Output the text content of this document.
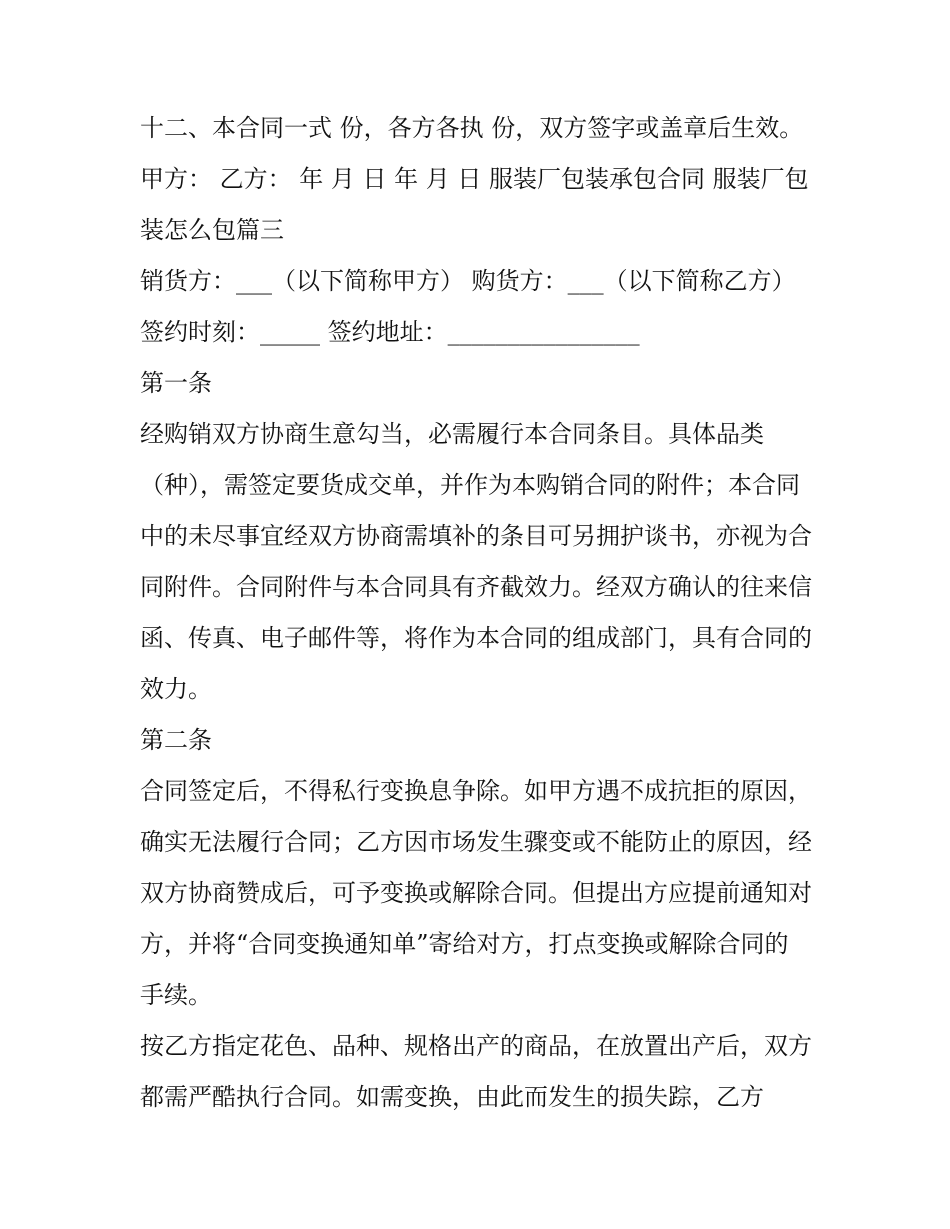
十二、本合同一式 份，各方各执 份，双方签字或盖章后生效。 甲方： 乙方： 年 月 日 年 月 日 服装厂包装承包合同 服装厂包装怎么包篇三

销货方：___（以下简称甲方） 购货方：___（以下简称乙方） 签约时刻：_____ 签约地址：________________

第一条

经购销双方协商生意勾当，必需履行本合同条目。具体品类（种），需签定要货成交单，并作为本购销合同的附件；本合同中的未尽事宜经双方协商需填补的条目可另拥护谈书，亦视为合同附件。合同附件与本合同具有齐截效力。经双方确认的往来信函、传真、电子邮件等，将作为本合同的组成部门，具有合同的效力。

第二条

合同签定后，不得私行变换息争除。如甲方遇不成抗拒的原因，确实无法履行合同；乙方因市场发生骤变或不能防止的原因，经双方协商赞成后，可予变换或解除合同。但提出方应提前通知对方，并将“合同变换通知单”寄给对方，打点变换或解除合同的手续。

按乙方指定花色、品种、规格出产的商品，在放置出产后，双方都需严酷执行合同。如需变换，由此而发生的损失踪，乙方
